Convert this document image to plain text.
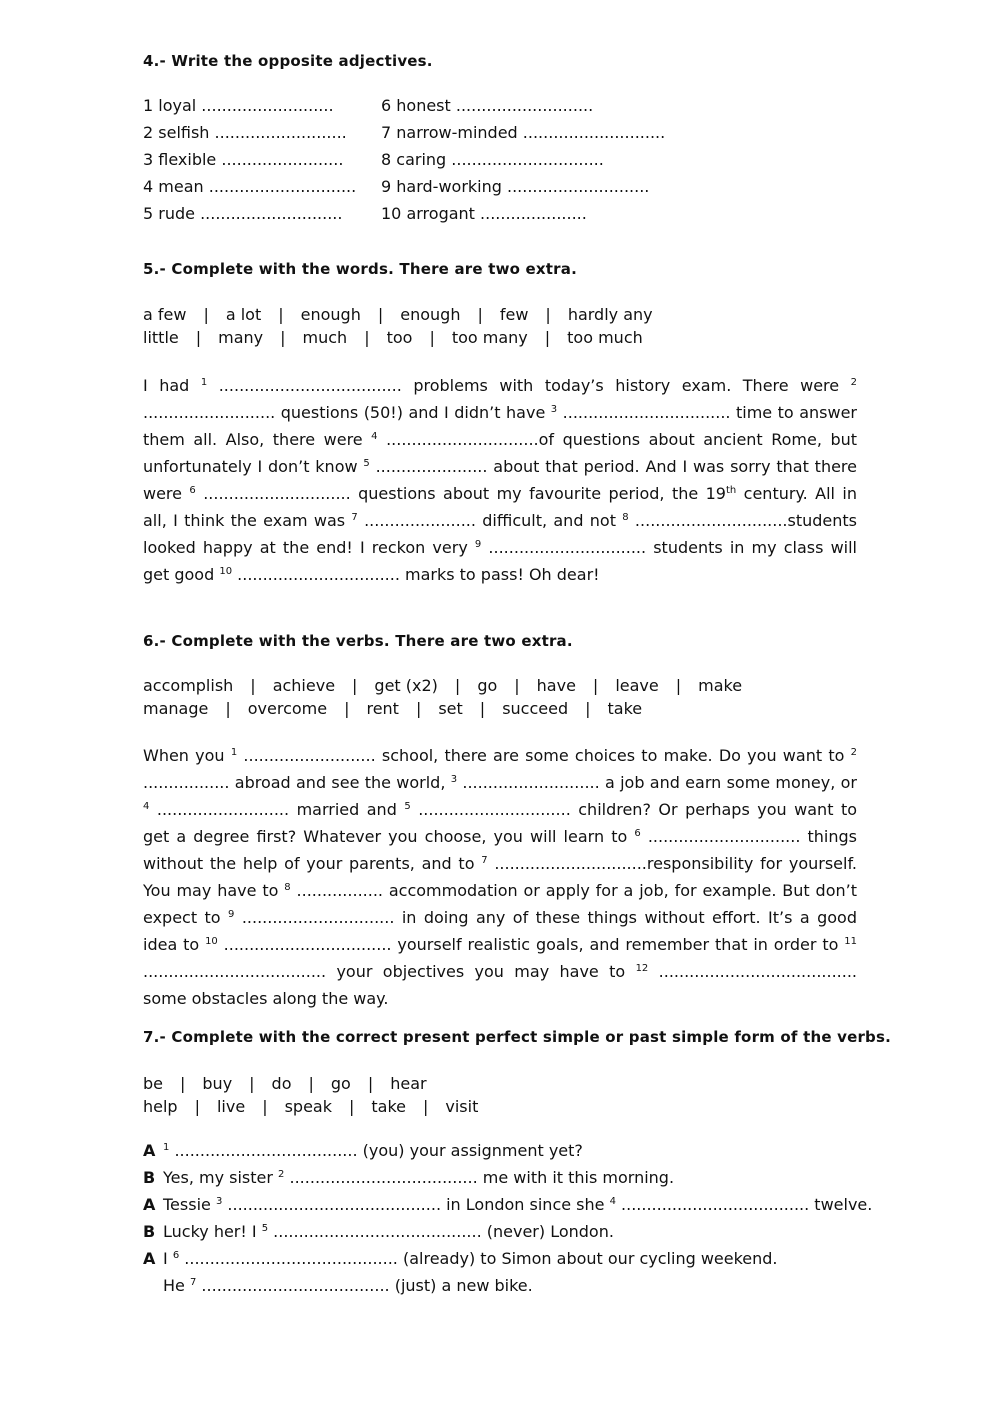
4.- Write the opposite adjectives.
1 loyal ..........................	6 honest ...........................
2 selfish .......................... 7 narrow-minded ............................
3 flexible ........................ 8 caring ..............................
4 mean ............................. 9 hard-working ............................
5 rude ............................ 10 arrogant .....................
5.- Complete with the words. There are two extra.
a few | a lot | enough | enough | few | hardly any
little | many | much | too | too many | too much
I had $^1$ .................................... problems with today’s history exam. There were $^2$ .......................... questions (50!) and I didn’t have $^3$ ................................. time to answer them all. Also, there were $^4$ ..............................of questions about ancient Rome, but unfortunately I don’t know $^5$ ...................... about that period. And I was sorry that there were $^6$ ............................. questions about my favourite period, the 19th century. All in all, I think the exam was $^7$ ...................... difficult, and not $^8$ ..............................students looked happy at the end! I reckon very $^9$ ............................... students in my class will get good $^{10}$ ................................ marks to pass! Oh dear!
6.- Complete with the verbs. There are two extra.
accomplish | achieve | get (x2) | go | have | leave | make
manage | overcome | rent | set | succeed | take
When you $^1$ .......................... school, there are some choices to make. Do you want to $^2$ ................. abroad and see the world, $^3$ ........................... a job and earn some money, or $^4$ .......................... married and $^5$ .............................. children? Or perhaps you want to get a degree first? Whatever you choose, you will learn to $^6$ .............................. things without the help of your parents, and to $^7$ ..............................responsibility for yourself. You may have to $^8$ ................. accommodation or apply for a job, for example. But don’t expect to $^9$ .............................. in doing any of these things without effort. It’s a good idea to $^{10}$ ................................. yourself realistic goals, and remember that in order to $^{11}$ .................................... your objectives you may have to $^{12}$ ....................................... some obstacles along the way.
7.- Complete with the correct present perfect simple or past simple form of the verbs.
be | buy | do | go | hear
help | live | speak | take | visit
A $^1$ .................................... (you) your assignment yet?
B Yes, my sister $^2$ ..................................... me with it this morning.
A Tessie $^3$ .......................................... in London since she $^4$ ..................................... twelve.
B Lucky her! I $^5$ ......................................... (never) London.
A I $^6$ .......................................... (already) to Simon about our cycling weekend.
He $^7$ ..................................... (just) a new bike.
